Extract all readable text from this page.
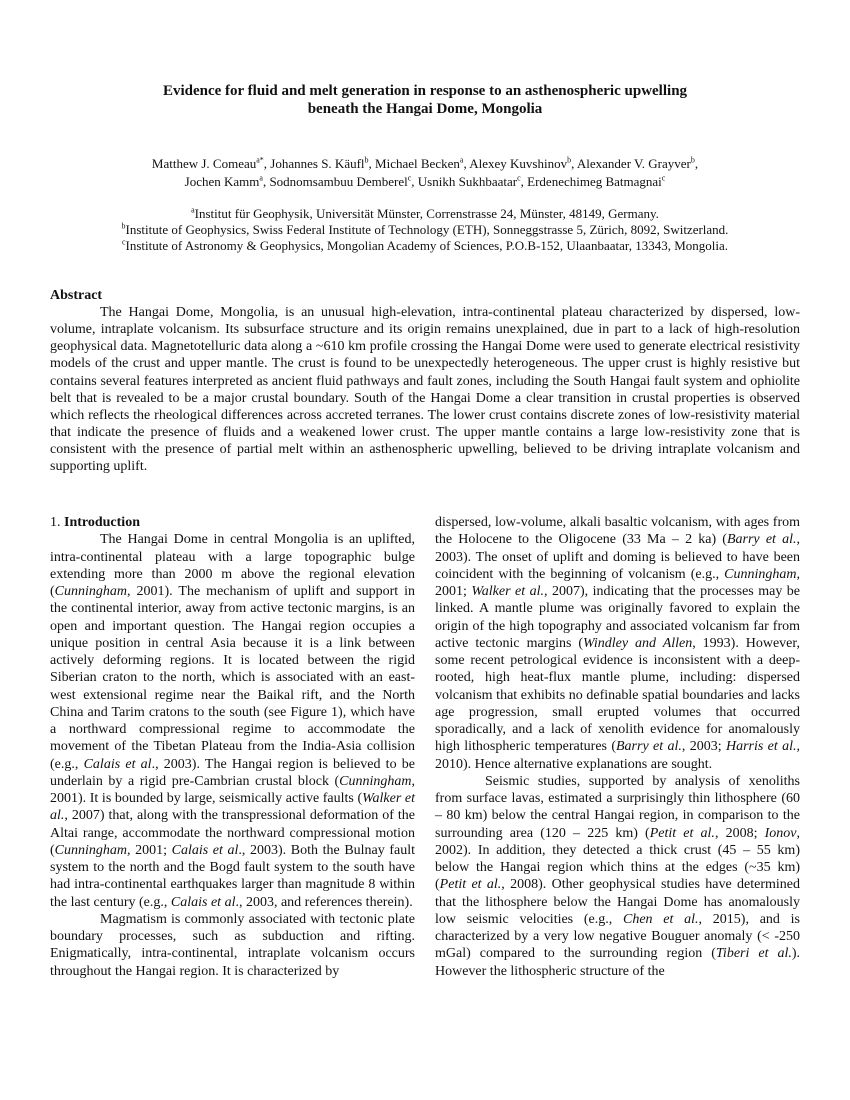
Evidence for fluid and melt generation in response to an asthenospheric upwelling
beneath the Hangai Dome, Mongolia
Matthew J. Comeau$^{a*}$, Johannes S. Käufl$^b$, Michael Becken$^a$, Alexey Kuvshinov$^b$, Alexander V. Grayver$^b$,
Jochen Kamm$^a$, Sodnomsambuu Demberel$^c$, Usnikh Sukhbaatar$^c$, Erdenechimeg Batmagnai$^c$
$^a$Institut für Geophysik, Universität Münster, Correnstrasse 24, Münster, 48149, Germany.
$^b$Institute of Geophysics, Swiss Federal Institute of Technology (ETH), Sonneggstrasse 5, Zürich, 8092, Switzerland.
$^c$Institute of Astronomy & Geophysics, Mongolian Academy of Sciences, P.O.B-152, Ulaanbaatar, 13343, Mongolia.
Abstract

The Hangai Dome, Mongolia, is an unusual high-elevation, intra-continental plateau characterized by dispersed, low-volume, intraplate volcanism. Its subsurface structure and its origin remains unexplained, due in part to a lack of high-resolution geophysical data. Magnetotelluric data along a ~610 km profile crossing the Hangai Dome were used to generate electrical resistivity models of the crust and upper mantle. The crust is found to be unexpectedly heterogeneous. The upper crust is highly resistive but contains several features interpreted as ancient fluid pathways and fault zones, including the South Hangai fault system and ophiolite belt that is revealed to be a major crustal boundary. South of the Hangai Dome a clear transition in crustal properties is observed which reflects the rheological differences across accreted terranes. The lower crust contains discrete zones of low-resistivity material that indicate the presence of fluids and a weakened lower crust. The upper mantle contains a large low-resistivity zone that is consistent with the presence of partial melt within an asthenospheric upwelling, believed to be driving intraplate volcanism and supporting uplift.

1. Introduction

The Hangai Dome in central Mongolia is an uplifted, intra-continental plateau with a large topographic bulge extending more than 2000 m above the regional elevation (Cunningham, 2001). The mechanism of uplift and support in the continental interior, away from active tectonic margins, is an open and important question. The Hangai region occupies a unique position in central Asia because it is a link between actively deforming regions. It is located between the rigid Siberian craton to the north, which is associated with an east-west extensional regime near the Baikal rift, and the North China and Tarim cratons to the south (see Figure 1), which have a northward compressional regime to accommodate the movement of the Tibetan Plateau from the India-Asia collision (e.g., Calais et al., 2003). The Hangai region is believed to be underlain by a rigid pre-Cambrian crustal block (Cunningham, 2001). It is bounded by large, seismically active faults (Walker et al., 2007) that, along with the transpressional deformation of the Altai range, accommodate the northward compressional motion (Cunningham, 2001; Calais et al., 2003). Both the Bulnay fault system to the north and the Bogd fault system to the south have had intra-continental earthquakes larger than magnitude 8 within the last century (e.g., Calais et al., 2003, and references therein).

Magmatism is commonly associated with tectonic plate boundary processes, such as subduction and rifting. Enigmatically, intra-continental, intraplate volcanism occurs throughout the Hangai region. It is characterized by

dispersed, low-volume, alkali basaltic volcanism, with ages from the Holocene to the Oligocene (33 Ma – 2 ka) (Barry et al., 2003). The onset of uplift and doming is believed to have been coincident with the beginning of volcanism (e.g., Cunningham, 2001; Walker et al., 2007), indicating that the processes may be linked. A mantle plume was originally favored to explain the origin of the high topography and associated volcanism far from active tectonic margins (Windley and Allen, 1993). However, some recent petrological evidence is inconsistent with a deep-rooted, high heat-flux mantle plume, including: dispersed volcanism that exhibits no definable spatial boundaries and lacks age progression, small erupted volumes that occurred sporadically, and a lack of xenolith evidence for anomalously high lithospheric temperatures (Barry et al., 2003; Harris et al., 2010). Hence alternative explanations are sought.

Seismic studies, supported by analysis of xenoliths from surface lavas, estimated a surprisingly thin lithosphere (60 – 80 km) below the central Hangai region, in comparison to the surrounding area (120 – 225 km) (Petit et al., 2008; Ionov, 2002). In addition, they detected a thick crust (45 – 55 km) below the Hangai region which thins at the edges (~35 km) (Petit et al., 2008). Other geophysical studies have determined that the lithosphere below the Hangai Dome has anomalously low seismic velocities (e.g., Chen et al., 2015), and is characterized by a very low negative Bouguer anomaly (< -250 mGal) compared to the surrounding region (Tiberi et al.). However the lithospheric structure of the
